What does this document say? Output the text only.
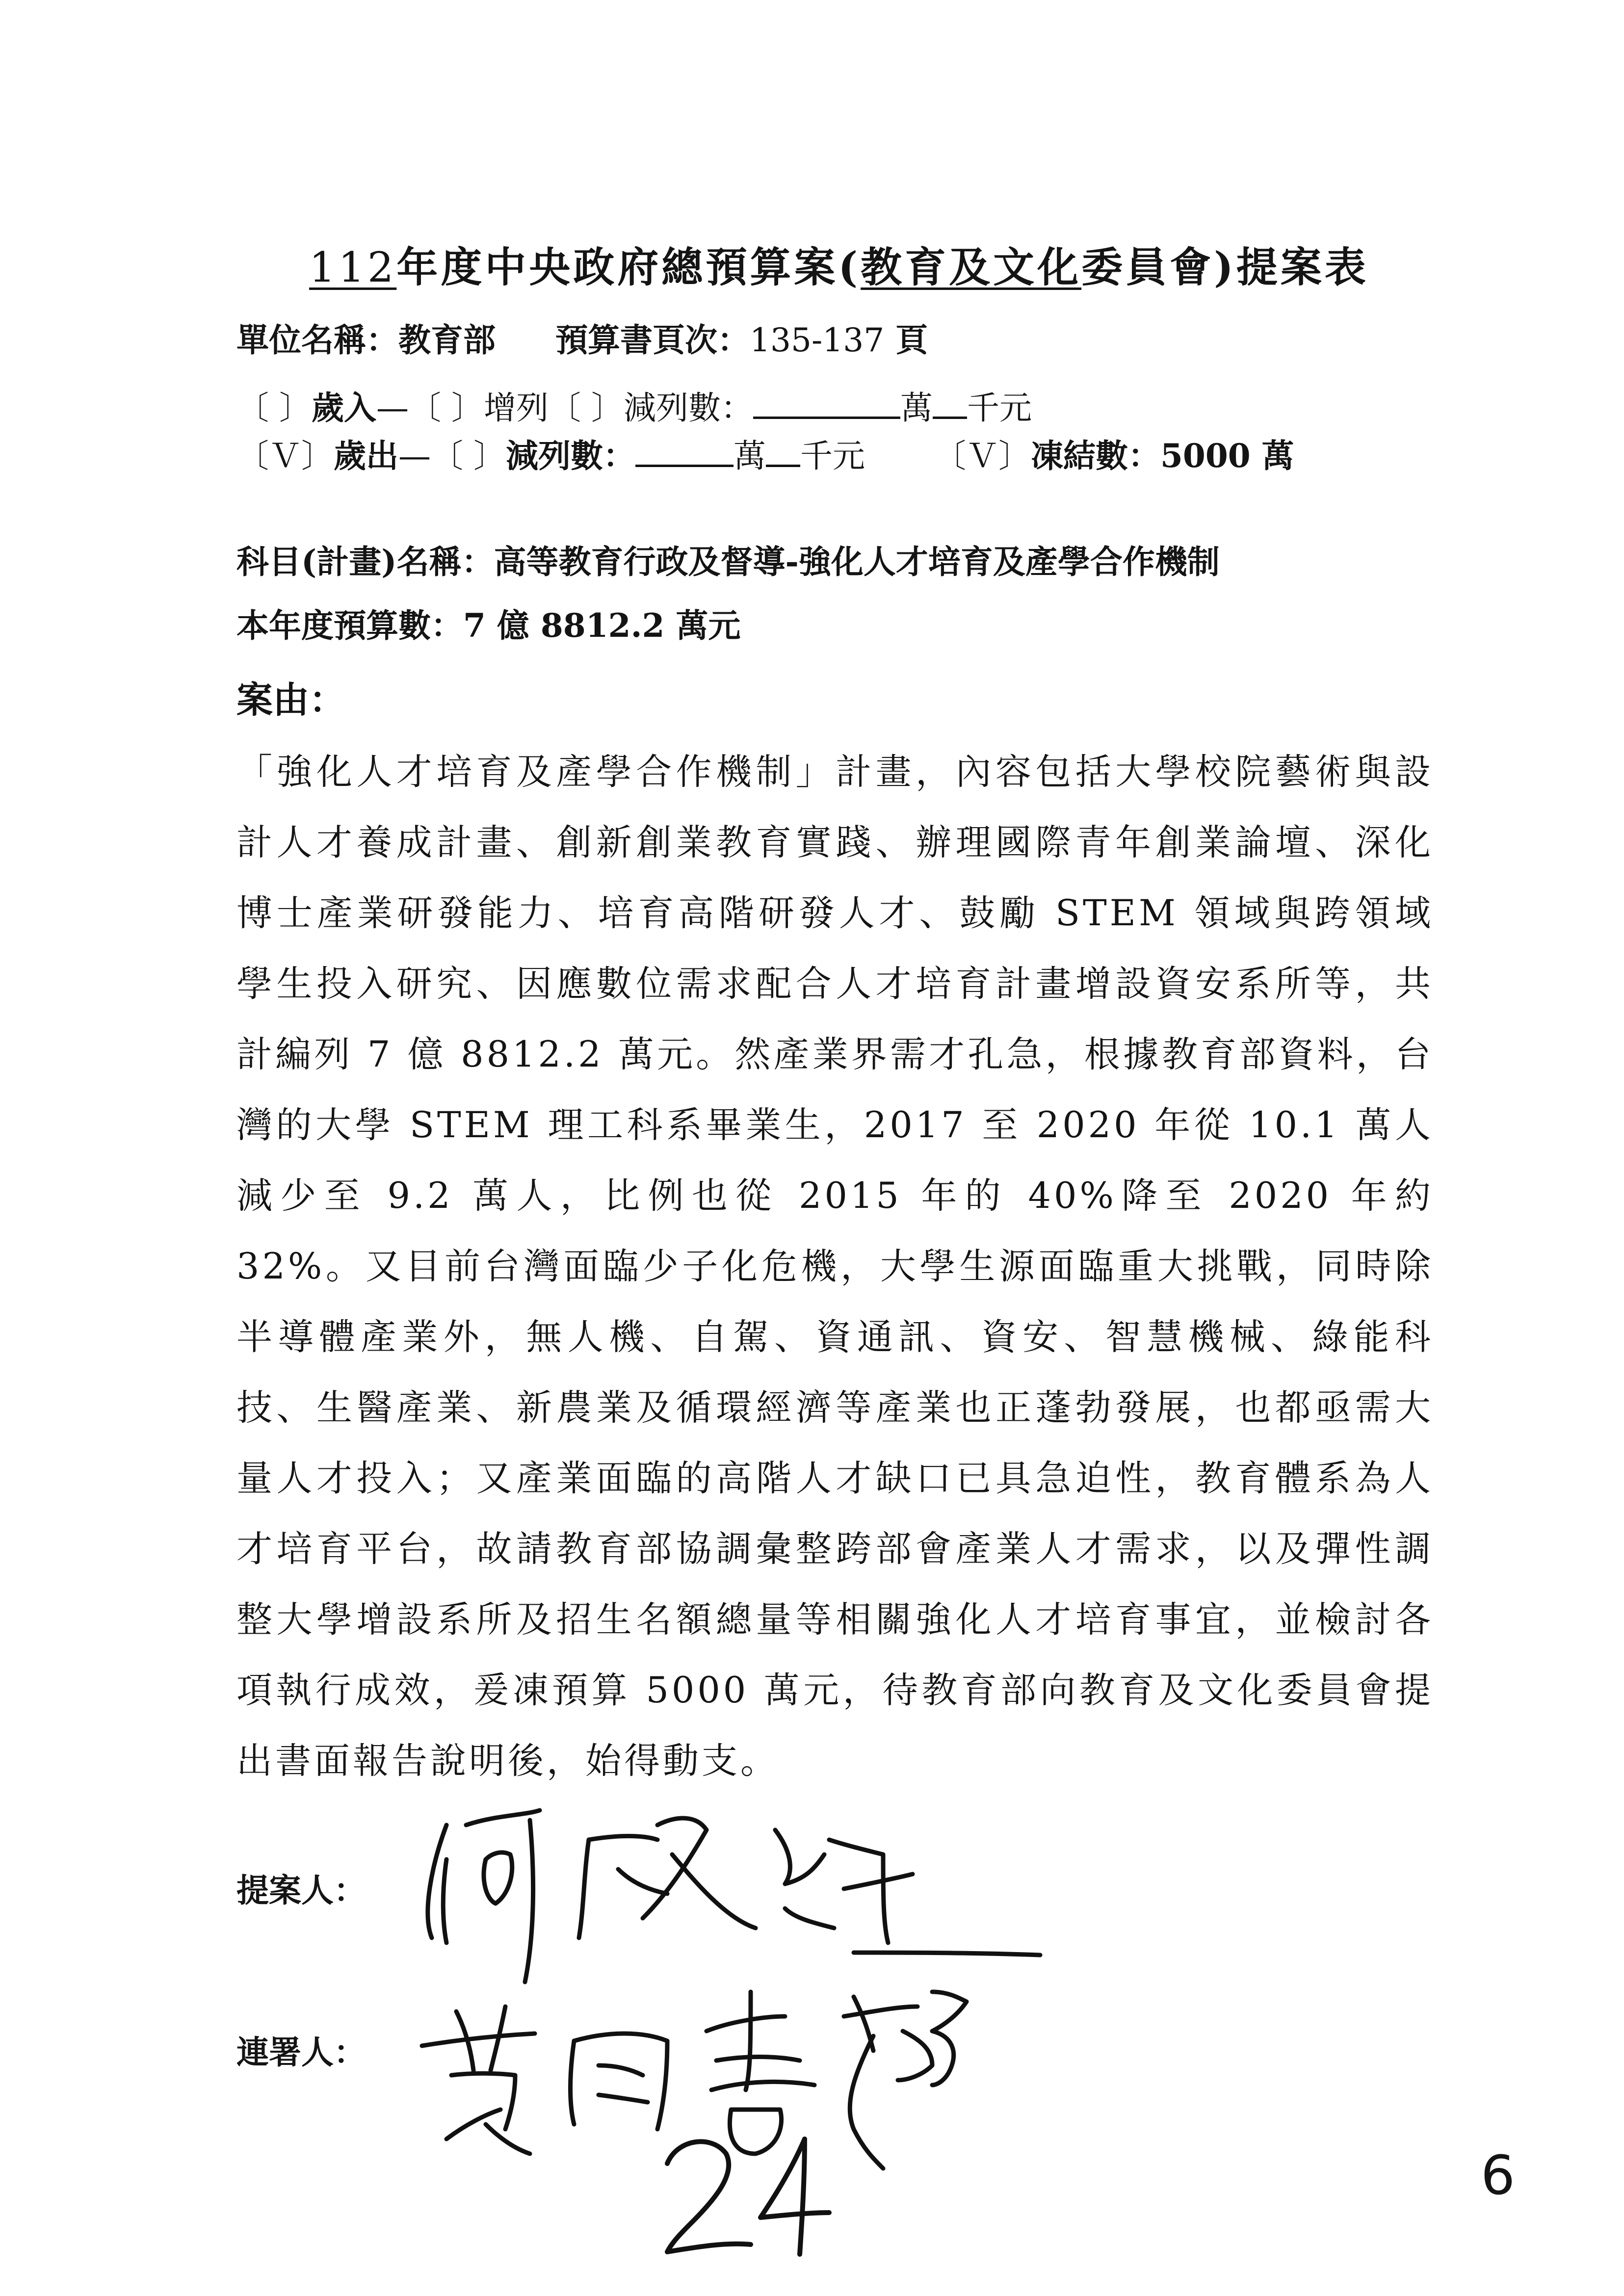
112年度中央政府總預算案(教育及文化委員會)提案表
單位名稱：教育部 預算書頁次：135-137 頁
〔 〕歲入—〔 〕增列〔 〕減列數：	萬 千元
〔Ｖ〕歲出—〔 〕減列數：	萬 千元 〔Ｖ〕凍結數：5000 萬
科目(計畫)名稱：高等教育行政及督導-強化人才培育及產學合作機制
本年度預算數：7 億 8812.2 萬元
案由：
「強化人才培育及產學合作機制」計畫，內容包括大學校院藝術與設計人才養成計畫、創新創業教育實踐、辦理國際青年創業論壇、深化博士產業研發能力、培育高階研發人才、鼓勵 STEM 領域與跨領域學生投入研究、因應數位需求配合人才培育計畫增設資安系所等，共計編列 7 億 8812.2 萬元。然產業界需才孔急，根據教育部資料，台灣的大學 STEM 理工科系畢業生，2017 至 2020 年從 10.1 萬人減少至 9.2 萬人，比例也從 2015 年的 40%降至 2020 年約 32%。又目前台灣面臨少子化危機，大學生源面臨重大挑戰，同時除半導體產業外，無人機、自駕、資通訊、資安、智慧機械、綠能科技、生醫產業、新農業及循環經濟等產業也正蓬勃發展，也都亟需大量人才投入；又產業面臨的高階人才缺口已具急迫性，教育體系為人才培育平台，故請教育部協調彙整跨部會產業人才需求，以及彈性調整大學增設系所及招生名額總量等相關強化人才培育事宜，並檢討各項執行成效，爰凍預算 5000 萬元，待教育部向教育及文化委員會提出書面報告說明後，始得動支。
提案人：
連署人：
6
